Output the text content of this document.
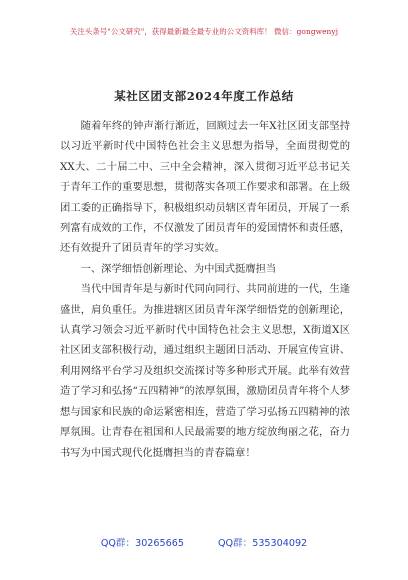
关注头条号"公文研究"，获得最新最全最专业的公文资料库！ 微信：gongwenyj
某社区团支部2024年度工作总结

随着年终的钟声渐行渐近，回顾过去一年X社区团支部坚持以习近平新时代中国特色社会主义思想为指导，全面贯彻党的XX大、二十届二中、三中全会精神，深入贯彻习近平总书记关于青年工作的重要思想，贯彻落实各项工作要求和部署。在上级团工委的正确指导下，积极组织动员辖区青年团员，开展了一系列富有成效的工作，不仅激发了团员青年的爱国情怀和责任感，还有效提升了团员青年的学习实效。

一、深学细悟创新理论、为中国式挺膺担当

当代中国青年是与新时代同向同行、共同前进的一代，生逢盛世，肩负重任。为推进辖区团员青年深学细悟党的创新理论，认真学习领会习近平新时代中国特色社会主义思想，X街道X区社区团支部积极行动，通过组织主题团日活动、开展宣传宣讲、利用网络平台学习及组织交流探讨等多种形式开展。此举有效营造了学习和弘扬“五四精神”的浓厚氛围，激励团员青年将个人梦想与国家和民族的命运紧密相连，营造了学习弘扬五四精神的浓厚氛围。让青春在祖国和人民最需要的地方绽放绚丽之花，奋力书写为中国式现代化挺膺担当的青春篇章！

QQ群：30265665	QQ群：535304092
